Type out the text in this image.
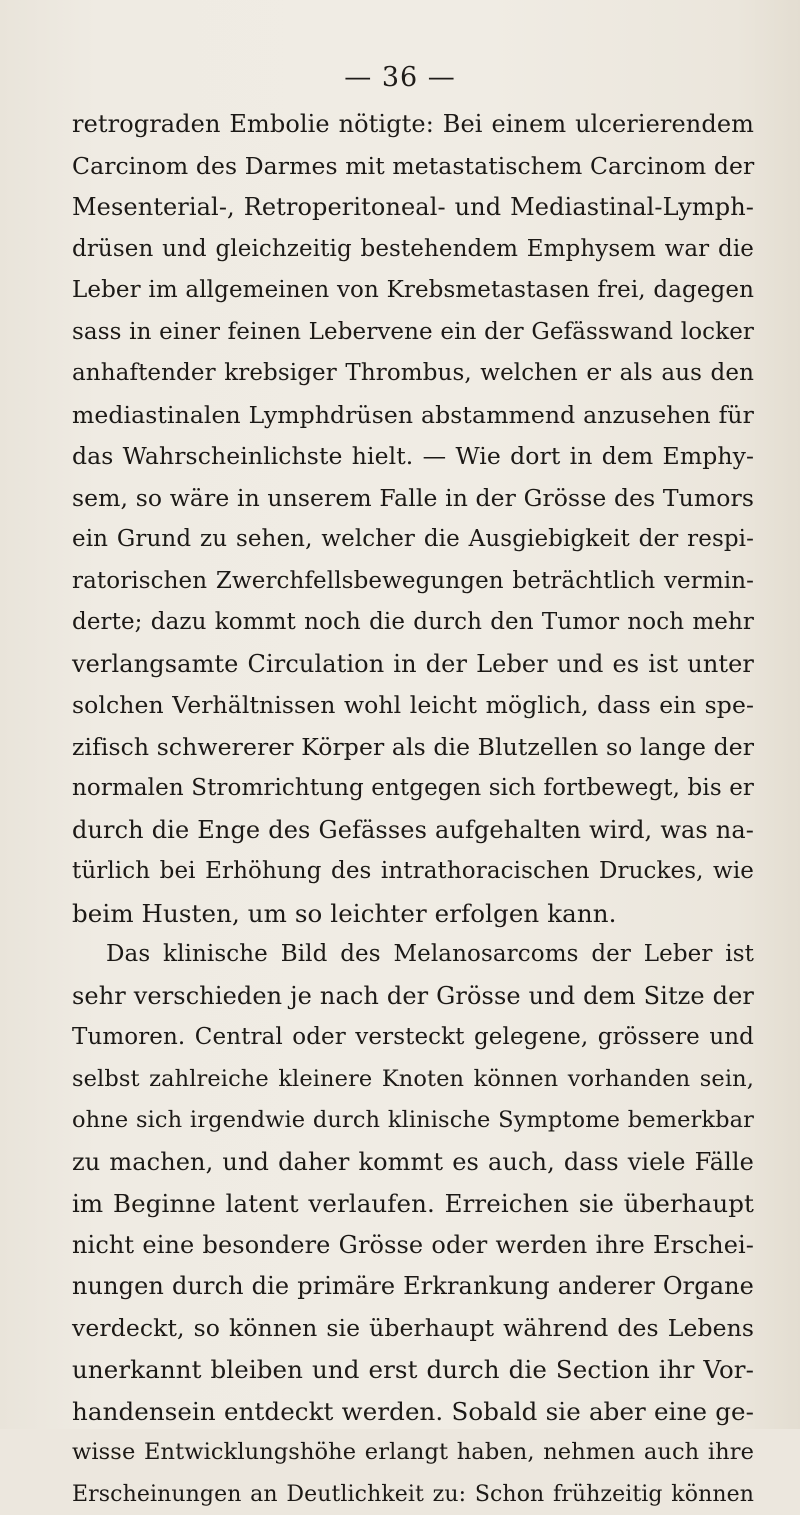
— 36 —
retrograden Embolie nötigte: Bei einem ulcerierendem
Carcinom des Darmes mit metastatischem Carcinom der
Mesenterial-, Retroperitoneal- und Mediastinal-Lymph-
drüsen und gleichzeitig bestehendem Emphysem war die
Leber im allgemeinen von Krebsmetastasen frei, dagegen
sass in einer feinen Lebervene ein der Gefässwand locker
anhaftender krebsiger Thrombus, welchen er als aus den
mediastinalen Lymphdrüsen abstammend anzusehen für
das Wahrscheinlichste hielt. — Wie dort in dem Emphy-
sem, so wäre in unserem Falle in der Grösse des Tumors
ein Grund zu sehen, welcher die Ausgiebigkeit der respi-
ratorischen Zwerchfellsbewegungen beträchtlich vermin-
derte; dazu kommt noch die durch den Tumor noch mehr
verlangsamte Circulation in der Leber und es ist unter
solchen Verhältnissen wohl leicht möglich, dass ein spe-
zifisch schwererer Körper als die Blutzellen so lange der
normalen Stromrichtung entgegen sich fortbewegt, bis er
durch die Enge des Gefässes aufgehalten wird, was na-
türlich bei Erhöhung des intrathoracischen Druckes, wie
beim Husten, um so leichter erfolgen kann.
Das klinische Bild des Melanosarcoms der Leber ist
sehr verschieden je nach der Grösse und dem Sitze der
Tumoren. Central oder versteckt gelegene, grössere und
selbst zahlreiche kleinere Knoten können vorhanden sein,
ohne sich irgendwie durch klinische Symptome bemerkbar
zu machen, und daher kommt es auch, dass viele Fälle
im Beginne latent verlaufen. Erreichen sie überhaupt
nicht eine besondere Grösse oder werden ihre Erschei-
nungen durch die primäre Erkrankung anderer Organe
verdeckt, so können sie überhaupt während des Lebens
unerkannt bleiben und erst durch die Section ihr Vor-
handensein entdeckt werden. Sobald sie aber eine ge-
wisse Entwicklungshöhe erlangt haben, nehmen auch ihre
Erscheinungen an Deutlichkeit zu: Schon frühzeitig können
